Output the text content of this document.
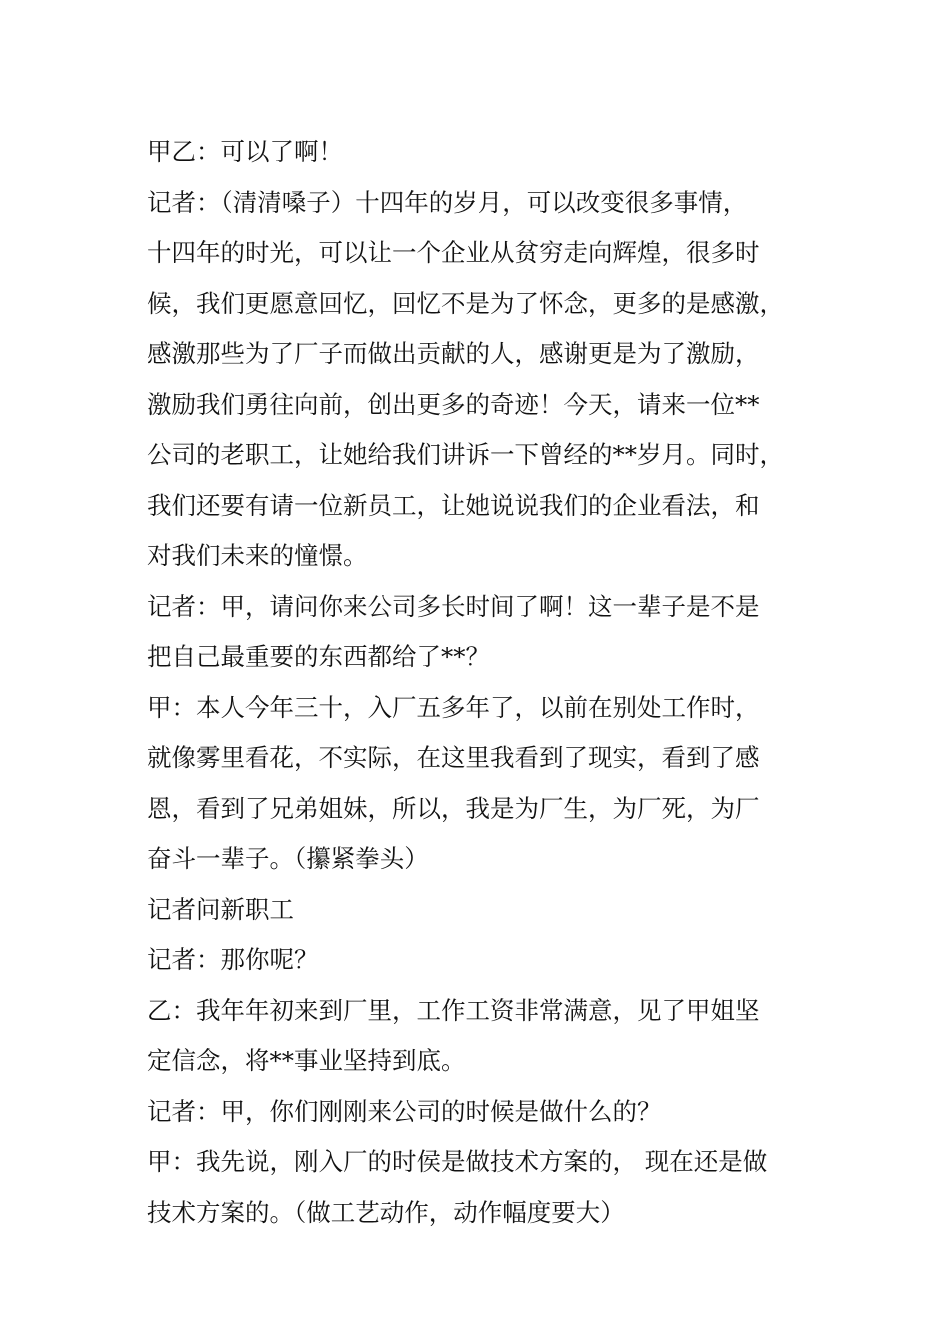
甲乙：可以了啊！
记者：（清清嗓子）十四年的岁月，可以改变很多事情，
十四年的时光，可以让一个企业从贫穷走向辉煌，很多时
候，我们更愿意回忆，回忆不是为了怀念，更多的是感激，
感激那些为了厂子而做出贡献的人，感谢更是为了激励，
激励我们勇往向前，创出更多的奇迹！今天，请来一位**
公司的老职工，让她给我们讲诉一下曾经的**岁月。同时，
我们还要有请一位新员工，让她说说我们的企业看法，和
对我们未来的憧憬。
记者：甲，请问你来公司多长时间了啊！这一辈子是不是
把自己最重要的东西都给了**？
甲：本人今年三十，入厂五多年了，以前在别处工作时，
就像雾里看花，不实际，在这里我看到了现实，看到了感
恩，看到了兄弟姐妹，所以，我是为厂生，为厂死，为厂
奋斗一辈子。（攥紧拳头）
记者问新职工
记者：那你呢？
乙：我年年初来到厂里，工作工资非常满意，见了甲姐坚
定信念，将**事业坚持到底。
记者：甲，你们刚刚来公司的时候是做什么的？
甲：我先说，刚入厂的时侯是做技术方案的， 现在还是做
技术方案的。（做工艺动作，动作幅度要大）
